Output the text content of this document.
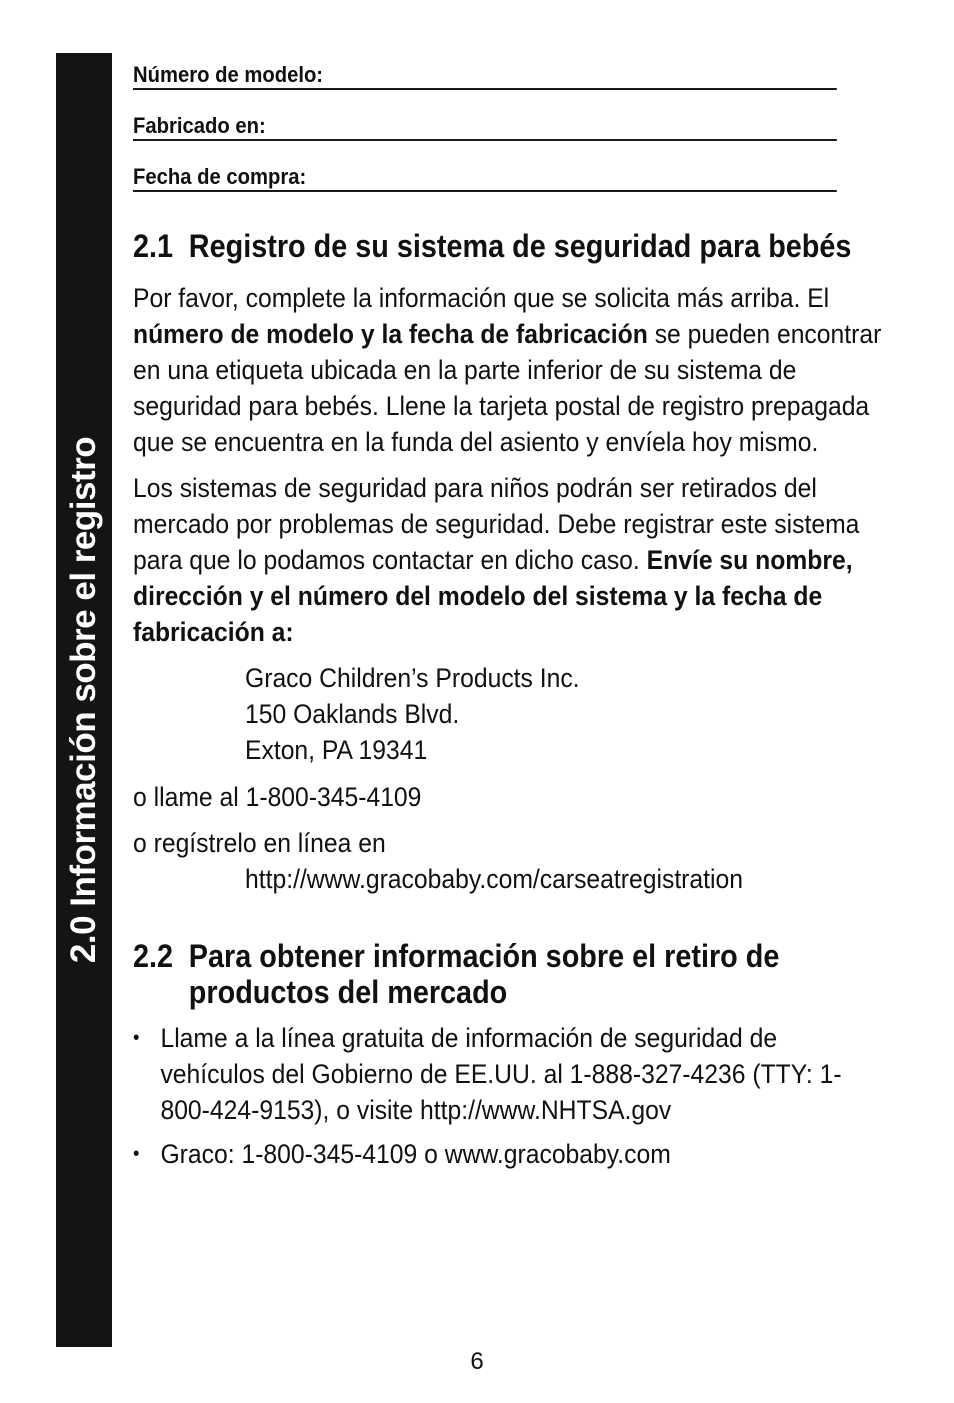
2.0 Información sobre el registro
Número de modelo:
Fabricado en:
Fecha de compra:
2.1 Registro de su sistema de seguridad para bebés

Por favor, complete la información que se solicita más arriba. El número de modelo y la fecha de fabricación se pueden encontrar en una etiqueta ubicada en la parte inferior de su sistema de seguridad para bebés. Llene la tarjeta postal de registro prepagada que se encuentra en la funda del asiento y envíela hoy mismo.

Los sistemas de seguridad para niños podrán ser retirados del mercado por problemas de seguridad. Debe registrar este sistema para que lo podamos contactar en dicho caso. Envíe su nombre, dirección y el número del modelo del sistema y la fecha de fabricación a:

Graco Children’s Products Inc.
150 Oaklands Blvd.
Exton, PA 19341
o llame al 1-800-345-4109
o regístrelo en línea en
http://www.gracobaby.com/carseatregistration
2.2 Para obtener información sobre el retiro de
productos del mercado
• Llame a la línea gratuita de información de seguridad de vehículos del Gobierno de EE.UU. al 1-888-327-4236 (TTY: 1-800-424-9153), o visite http://www.NHTSA.gov
• Graco: 1-800-345-4109 o www.gracobaby.com
6
